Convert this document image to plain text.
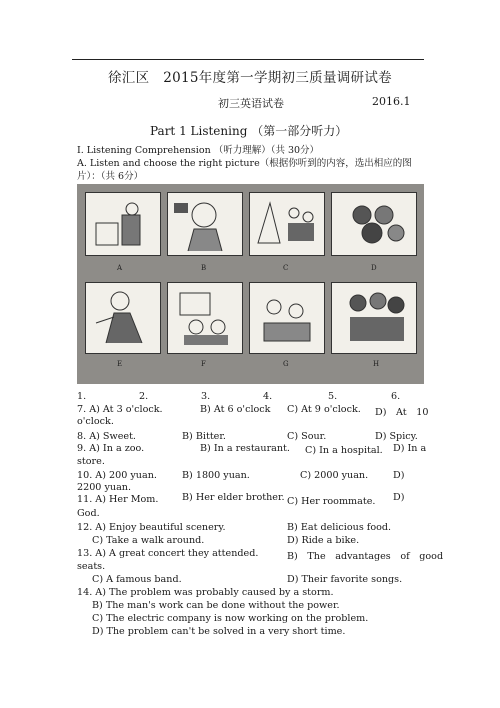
徐汇区　2015年度第一学期初三质量调研试卷
初三英语试卷	2016.1
Part 1 Listening （第一部分听力）
I. Listening Comprehension （听力理解）（共 30分）
A. Listen and choose the right picture（根据你听到的内容，选出相应的图
片）：（共 6分）
A	B	C	D
E	F	G	H
1.	2.	3.	4.	5.	6.
7. A) At 3 o'clock.	B) At 6 o'clock C) At 9 o'clock. D)　At　10
o'clock.
8. A) Sweet.	B) Bitter.	C) Sour.	D) Spicy.
9. A) In a zoo.	B) In a restaurant. C) In a hospital. D) In a
store.
10. A) 200 yuan.	B) 1800 yuan.	C) 2000 yuan.	D)
2200 yuan.
11. A) Her Mom. B) Her elder brother. C) Her roommate. D)
God.
12. A) Enjoy beautiful scenery.	B) Eat delicious food.
C) Take a walk around.	D) Ride a bike.
13. A) A great concert they attended.	B)　The　advantages　of　good
seats.
C) A famous band.	D) Their favorite songs.
14. A) The problem was probably caused by a storm.
B) The man's work can be done without the power.
C) The electric company is now working on the problem.
D) The problem can't be solved in a very short time.
